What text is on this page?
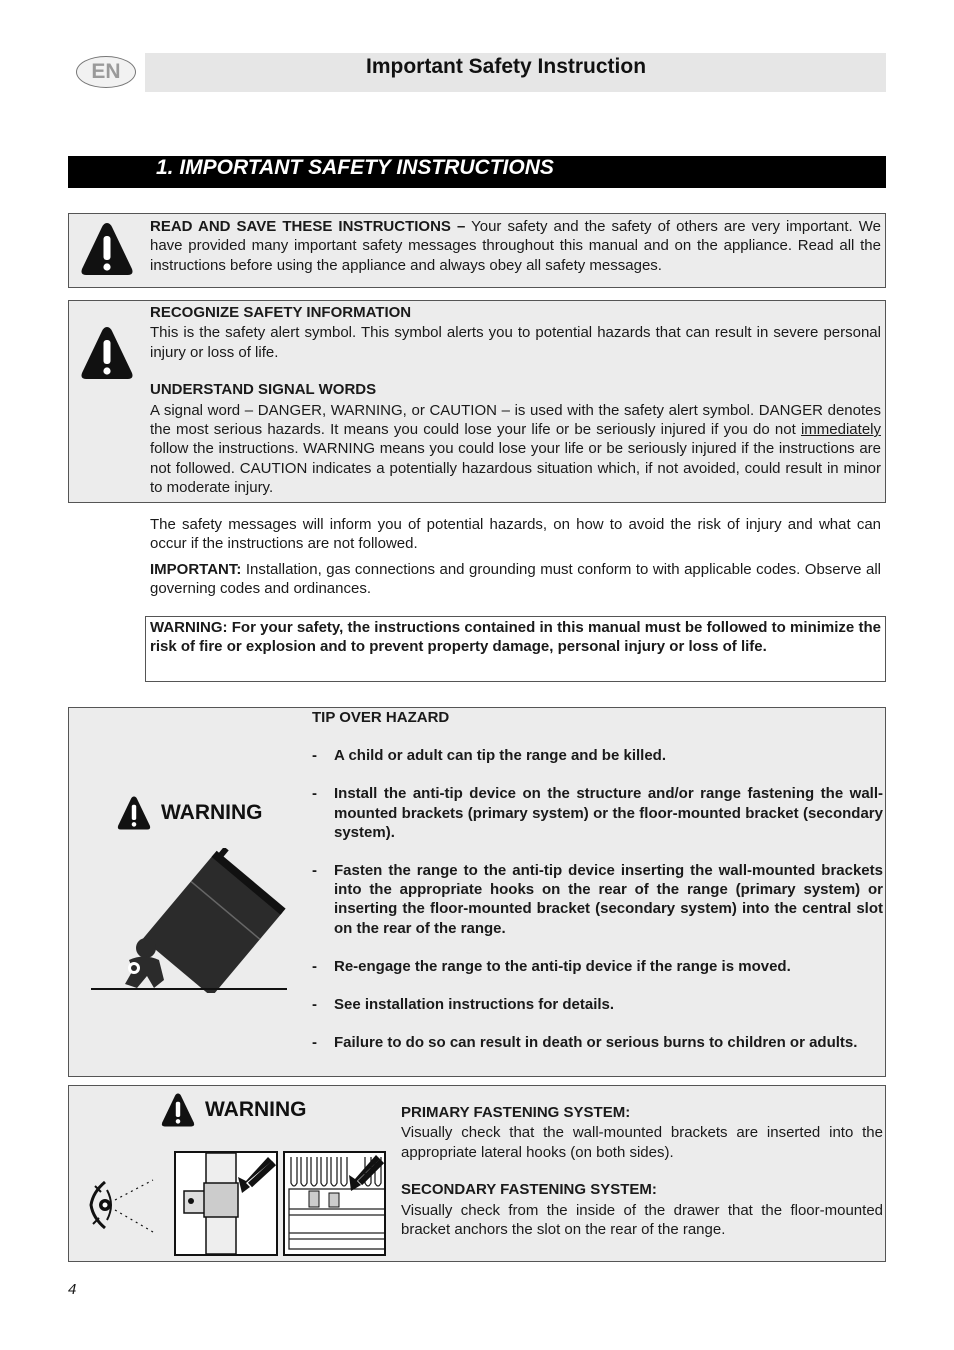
EN	Important Safety Instruction
1. IMPORTANT SAFETY INSTRUCTIONS

READ AND SAVE THESE INSTRUCTIONS – Your safety and the safety of others are very important. We have provided many important safety messages throughout this manual and on the appliance. Read all the instructions before using the appliance and always obey all safety messages.

RECOGNIZE SAFETY INFORMATION

This is the safety alert symbol. This symbol alerts you to potential hazards that can result in severe personal injury or loss of life.

UNDERSTAND SIGNAL WORDS

A signal word – DANGER, WARNING, or CAUTION – is used with the safety alert symbol. DANGER denotes the most serious hazards. It means you could lose your life or be seriously injured if you do not immediately follow the instructions. WARNING means you could lose your life or be seriously injured if the instructions are not followed. CAUTION indicates a potentially hazardous situation which, if not avoided, could result in minor to moderate injury.

The safety messages will inform you of potential hazards, on how to avoid the risk of injury and what can occur if the instructions are not followed.

IMPORTANT: Installation, gas connections and grounding must conform to with applicable codes. Observe all governing codes and ordinances.

WARNING: For your safety, the instructions contained in this manual must be followed to minimize the risk of fire or explosion and to prevent property damage, personal injury or loss of life.

WARNING

TIP OVER HAZARD

- A child or adult can tip the range and be killed.
- Install the anti-tip device on the structure and/or range fastening the wall-mounted brackets (primary system) or the floor-mounted bracket (secondary system).
- Fasten the range to the anti-tip device inserting the wall-mounted brackets into the appropriate hooks on the rear of the range (primary system) or inserting the floor-mounted bracket (secondary system) into the central slot on the rear of the range.
- Re-engage the range to the anti-tip device if the range is moved.
- See installation instructions for details.
- Failure to do so can result in death or serious burns to children or adults.
WARNING	PRIMARY FASTENING SYSTEM:

Visually check that the wall-mounted brackets are inserted into the appropriate lateral hooks (on both sides).

SECONDARY FASTENING SYSTEM:

Visually check from the inside of the drawer that the floor-mounted bracket anchors the slot on the rear of the range.

4
